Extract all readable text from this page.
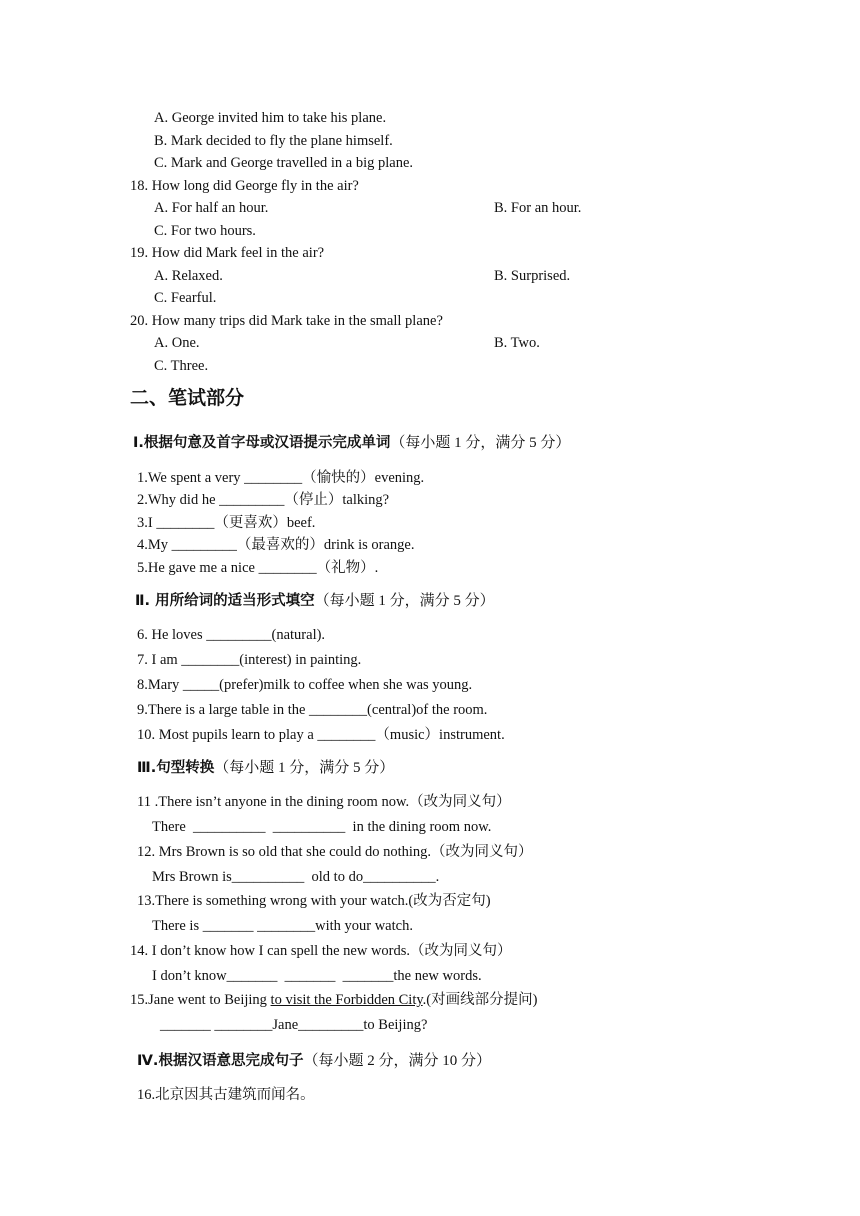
A. George invited him to take his plane.
B. Mark decided to fly the plane himself.
C. Mark and George travelled in a big plane.
18. How long did George fly in the air?
A. For half an hour.	B. For an hour.
C. For two hours.
19. How did Mark feel in the air?
A. Relaxed.	B. Surprised.
C. Fearful.
20. How many trips did Mark take in the small plane?
A. One.	B. Two.
C. Three.
二、笔试部分
Ⅰ.根据句意及首字母或汉语提示完成单词（每小题 1 分，满分 5 分）
1.We spent a very ________（愉快的）evening.
2.Why did he _________（停止）talking?
3.I ________（更喜欢）beef.
4.My _________（最喜欢的）drink is orange.
5.He gave me a nice ________（礼物）.
Ⅱ. 用所给词的适当形式填空（每小题 1 分，满分 5 分）
6. He loves _________(natural).
7. I am ________(interest) in painting.
8.Mary _____(prefer)milk to coffee when she was young.
9.There is a large table in the ________(central)of the room.
10. Most pupils learn to play a ________（music）instrument.
Ⅲ.句型转换（每小题 1 分，满分 5 分）
11 .There isn’t anyone in the dining room now.（改为同义句）
There  __________  __________  in the dining room now.
12. Mrs Brown is so old that she could do nothing.（改为同义句）
Mrs Brown is__________  old to do__________.
13.There is something wrong with your watch.(改为否定句)
There is _______ ________with your watch.
14. I don’t know how I can spell the new words.（改为同义句）
I don’t know_______  _______  _______the new words.
15.Jane went to Beijing to visit the Forbidden City.(对画线部分提问)
_______ ________Jane_________to Beijing?
Ⅳ.根据汉语意思完成句子（每小题 2 分，满分 10 分）
16.北京因其古建筑而闻名。
